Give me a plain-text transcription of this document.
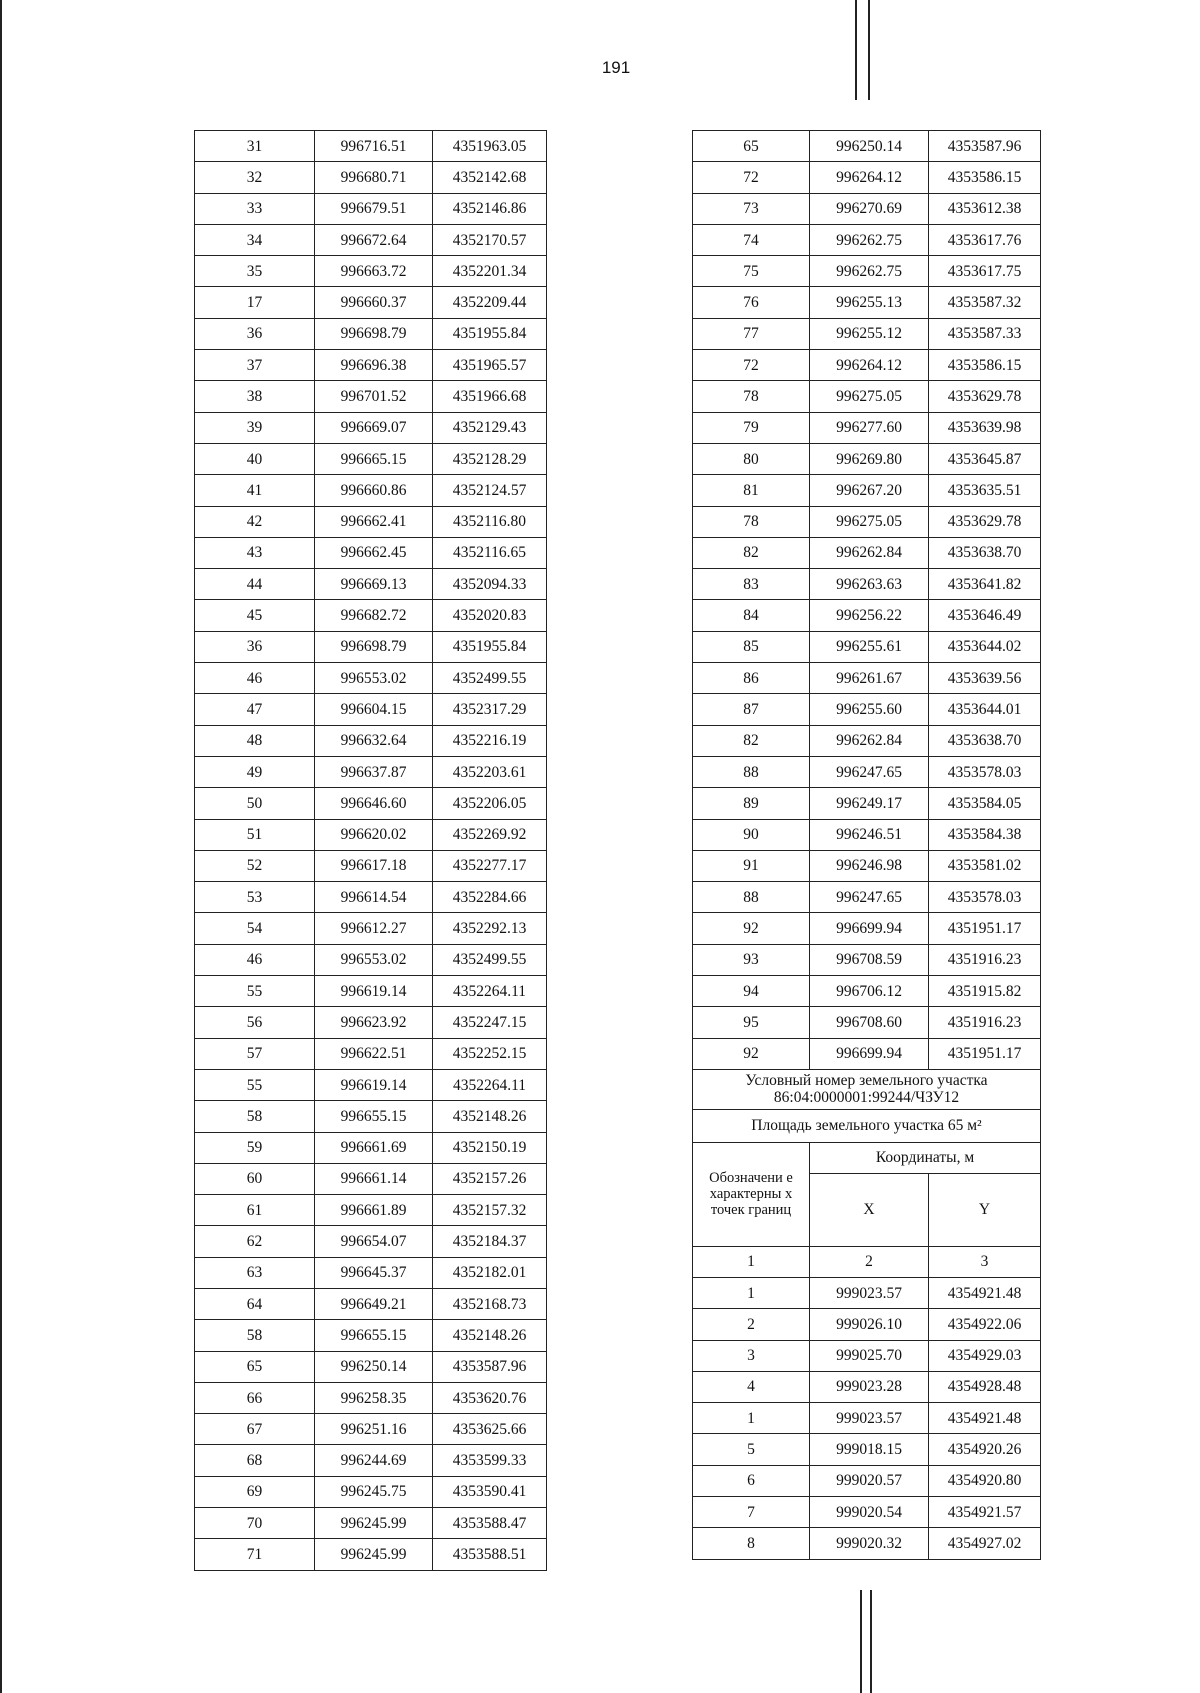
191
31	996716.51	4351963.05
32	996680.71	4352142.68
33	996679.51	4352146.86
34	996672.64	4352170.57
35	996663.72	4352201.34
17	996660.37	4352209.44
36	996698.79	4351955.84
37	996696.38	4351965.57
38	996701.52	4351966.68
39	996669.07	4352129.43
40	996665.15	4352128.29
41	996660.86	4352124.57
42	996662.41	4352116.80
43	996662.45	4352116.65
44	996669.13	4352094.33
45	996682.72	4352020.83
36	996698.79	4351955.84
46	996553.02	4352499.55
47	996604.15	4352317.29
48	996632.64	4352216.19
49	996637.87	4352203.61
50	996646.60	4352206.05
51	996620.02	4352269.92
52	996617.18	4352277.17
53	996614.54	4352284.66
54	996612.27	4352292.13
46	996553.02	4352499.55
55	996619.14	4352264.11
56	996623.92	4352247.15
57	996622.51	4352252.15
55	996619.14	4352264.11
58	996655.15	4352148.26
59	996661.69	4352150.19
60	996661.14	4352157.26
61	996661.89	4352157.32
62	996654.07	4352184.37
63	996645.37	4352182.01
64	996649.21	4352168.73
58	996655.15	4352148.26
65	996250.14	4353587.96
66	996258.35	4353620.76
67	996251.16	4353625.66
68	996244.69	4353599.33
69	996245.75	4353590.41
70	996245.99	4353588.47
71	996245.99	4353588.51
65	996250.14	4353587.96
72	996264.12	4353586.15
73	996270.69	4353612.38
74	996262.75	4353617.76
75	996262.75	4353617.75
76	996255.13	4353587.32
77	996255.12	4353587.33
72	996264.12	4353586.15
78	996275.05	4353629.78
79	996277.60	4353639.98
80	996269.80	4353645.87
81	996267.20	4353635.51
78	996275.05	4353629.78
82	996262.84	4353638.70
83	996263.63	4353641.82
84	996256.22	4353646.49
85	996255.61	4353644.02
86	996261.67	4353639.56
87	996255.60	4353644.01
82	996262.84	4353638.70
88	996247.65	4353578.03
89	996249.17	4353584.05
90	996246.51	4353584.38
91	996246.98	4353581.02
88	996247.65	4353578.03
92	996699.94	4351951.17
93	996708.59	4351916.23
94	996706.12	4351915.82
95	996708.60	4351916.23
92	996699.94	4351951.17

Условный номер земельного участка
86:04:0000001:99244/ЧЗУ12		

Площадь земельного участка 65 м²		
Обозначени е характерны х точек границ	Координаты, м	
	X	Y
1	2	3
1	999023.57	4354921.48
2	999026.10	4354922.06
3	999025.70	4354929.03
4	999023.28	4354928.48
1	999023.57	4354921.48
5	999018.15	4354920.26
6	999020.57	4354920.80
7	999020.54	4354921.57
8	999020.32	4354927.02
